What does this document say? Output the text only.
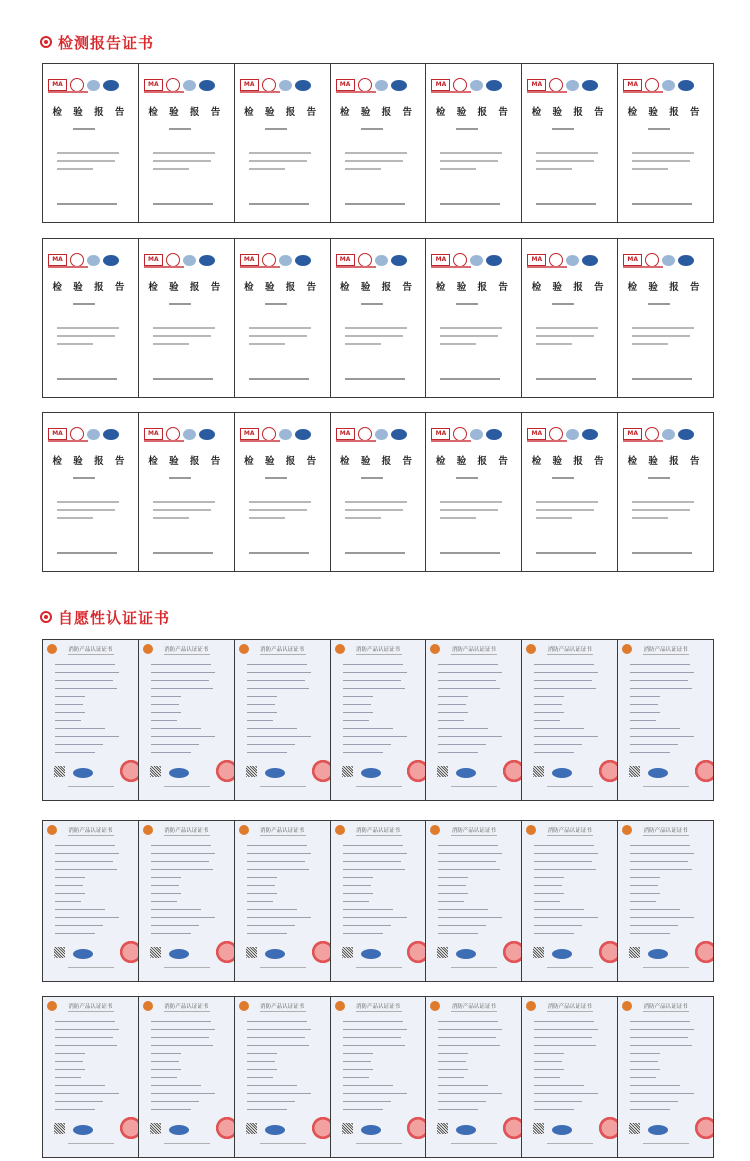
检测报告证书
MA
检 验 报 告
MA
检 验 报 告
MA
检 验 报 告
MA
检 验 报 告
MA
检 验 报 告
MA
检 验 报 告
MA
检 验 报 告
MA
检 验 报 告
MA
检 验 报 告
MA
检 验 报 告
MA
检 验 报 告
MA
检 验 报 告
MA
检 验 报 告
MA
检 验 报 告
MA
检 验 报 告
MA
检 验 报 告
MA
检 验 报 告
MA
检 验 报 告
MA
检 验 报 告
MA
检 验 报 告
MA
检 验 报 告
自愿性认证证书
消防产品认证证书	消防产品认证证书	消防产品认证证书	消防产品认证证书	消防产品认证证书	消防产品认证证书	消防产品认证证书
消防产品认证证书	消防产品认证证书	消防产品认证证书	消防产品认证证书	消防产品认证证书	消防产品认证证书	消防产品认证证书
消防产品认证证书	消防产品认证证书	消防产品认证证书	消防产品认证证书	消防产品认证证书	消防产品认证证书	消防产品认证证书
